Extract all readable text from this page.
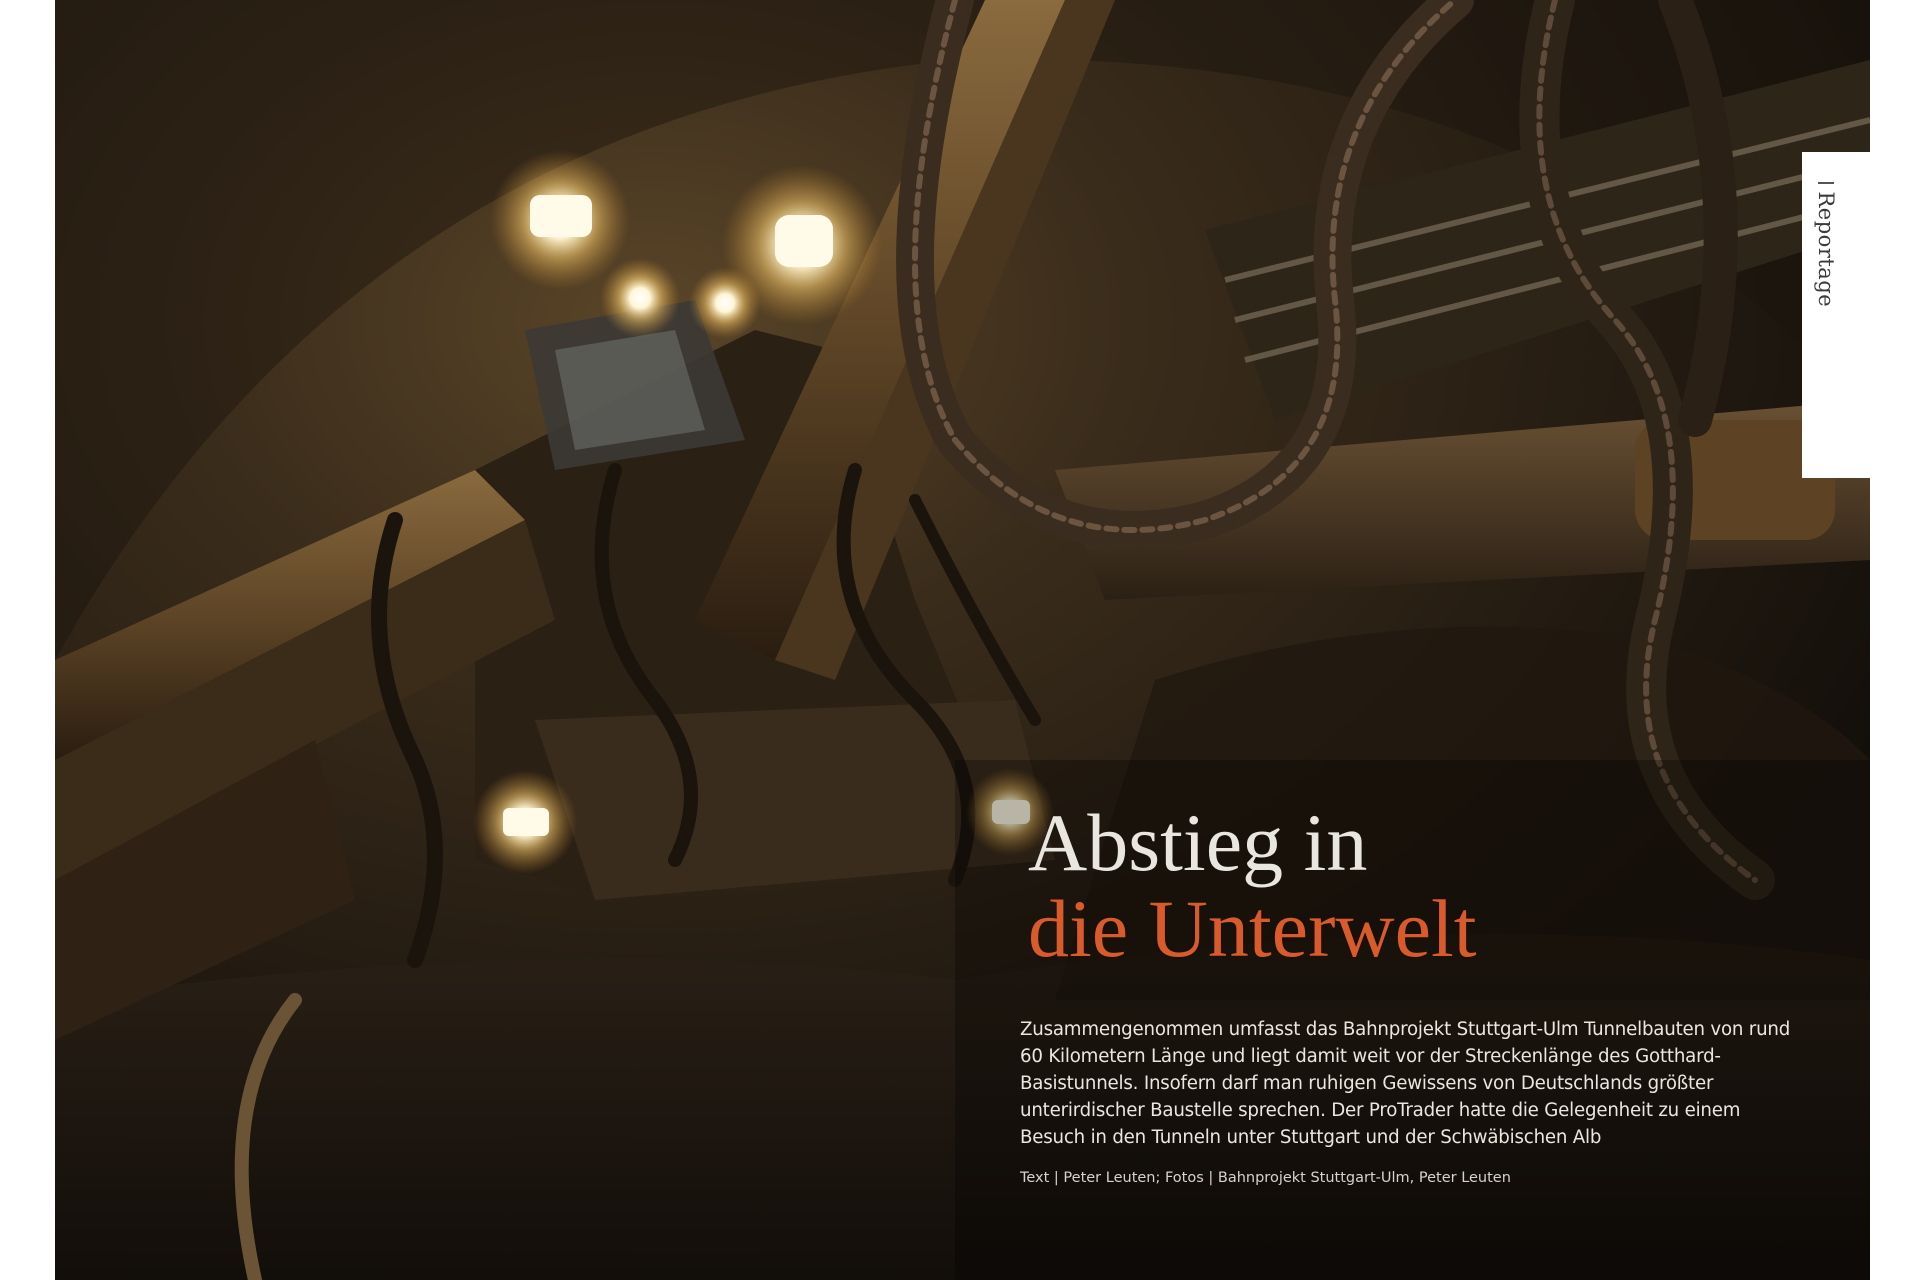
Reportage
Abstieg in
die Unterwelt

Zusammengenommen umfasst das Bahnprojekt Stuttgart-Ulm Tunnelbauten von rund 60 Kilometern Länge und liegt damit weit vor der Streckenlänge des Gotthard-Basistunnels. Insofern darf man ruhigen Gewissens von Deutschlands größter unterirdischer Baustelle sprechen. Der ProTrader hatte die Gelegenheit zu einem Besuch in den Tunneln unter Stuttgart und der Schwäbischen Alb

Text | Peter Leuten; Fotos | Bahnprojekt Stuttgart-Ulm, Peter Leuten
